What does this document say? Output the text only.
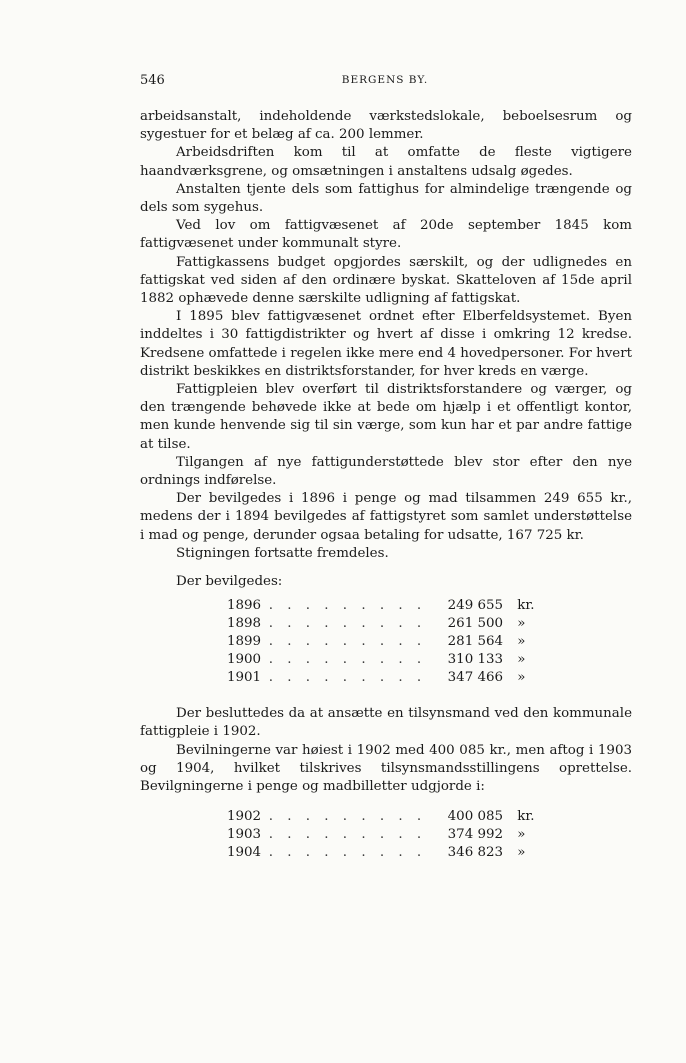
546	BERGENS BY.

arbeidsanstalt, indeholdende værkstedslokale, beboelsesrum og sygestuer for et belæg af ca. 200 lemmer.

Arbeidsdriften kom til at omfatte de fleste vigtigere haandværksgrene, og omsætningen i anstaltens udsalg øgedes.

Anstalten tjente dels som fattighus for almindelige trængende og dels som sygehus.

Ved lov om fattigvæsenet af 20de september 1845 kom fattigvæsenet under kommunalt styre.

Fattigkassens budget opgjordes særskilt, og der udlignedes en fattigskat ved siden af den ordinære byskat. Skatteloven af 15de april 1882 ophævede denne særskilte udligning af fattigskat.

I 1895 blev fattigvæsenet ordnet efter Elberfeldsystemet. Byen inddeltes i 30 fattigdistrikter og hvert af disse i omkring 12 kredse. Kredsene omfattede i regelen ikke mere end 4 hovedpersoner. For hvert distrikt beskikkes en distriktsforstander, for hver kreds en værge.

Fattigpleien blev overført til distriktsforstandere og værger, og den trængende behøvede ikke at bede om hjælp i et offentligt kontor, men kunde henvende sig til sin værge, som kun har et par andre fattige at tilse.

Tilgangen af nye fattigunderstøttede blev stor efter den nye ordnings indførelse.

Der bevilgedes i 1896 i penge og mad tilsammen 249 655 kr., medens der i 1894 bevilgedes af fattigstyret som samlet understøttelse i mad og penge, derunder ogsaa betaling for udsatte, 167 725 kr.

Stigningen fortsatte fremdeles.

Der bevilgedes:

1896 . . . . . . . . .	249 655	kr.
1898 . . . . . . . . .	261 500	»
1899 . . . . . . . . .	281 564	»
1900 . . . . . . . . .	310 133	»
1901 . . . . . . . . .	347 466	»

Der besluttedes da at ansætte en tilsynsmand ved den kommunale fattigpleie i 1902.

Bevilningerne var høiest i 1902 med 400 085 kr., men aftog i 1903 og 1904, hvilket tilskrives tilsynsmandsstillingens oprettelse. Bevilgningerne i penge og madbilletter udgjorde i:

1902 . . . . . . . . .	400 085	kr.
1903 . . . . . . . . .	374 992	»
1904 . . . . . . . . .	346 823	»
